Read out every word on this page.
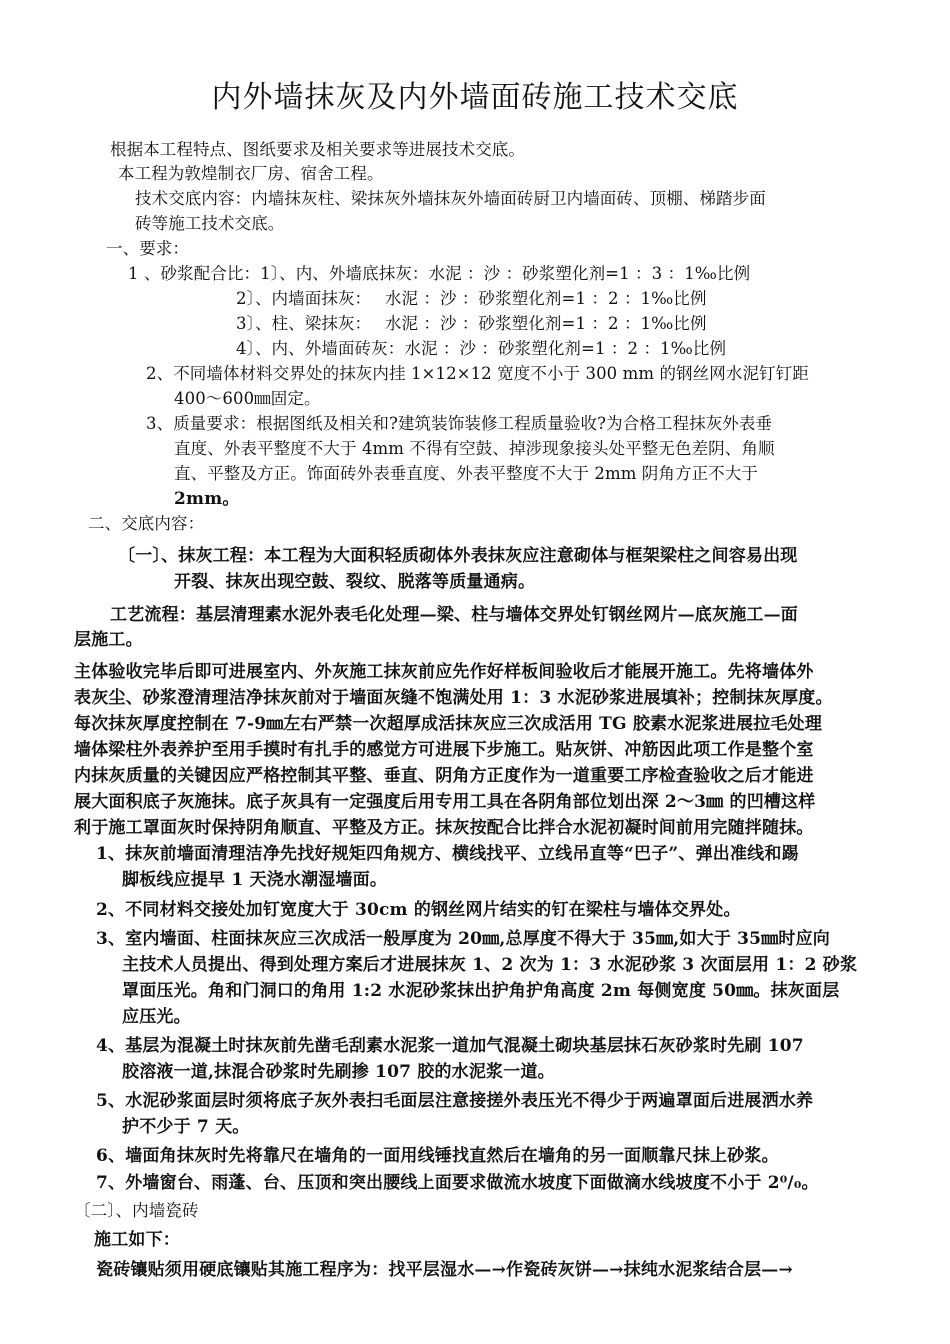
内外墙抹灰及内外墙面砖施工技术交底
根据本工程特点、图纸要求及相关要求等进展技术交底。
本工程为敦煌制衣厂房、宿舍工程。
技术交底内容：内墙抹灰柱、梁抹灰外墙抹灰外墙面砖厨卫内墙面砖、顶棚、梯踏步面
砖等施工技术交底。
一、要求：
1 、砂浆配合比：1〕、内、外墙底抹灰：水泥 ：沙 ：砂浆塑化剂=1 ：3 ：1‰比例
2〕、内墙面抹灰：　 水泥 ：沙 ：砂浆塑化剂=1 ：2 ：1‰比例
3〕、柱、梁抹灰：　 水泥 ：沙 ：砂浆塑化剂=1 ：2 ：1‰比例
4〕、内、外墙面砖灰：水泥 ：沙 ：砂浆塑化剂=1 ：2 ：1‰比例
2、不同墙体材料交界处的抹灰内挂 1×12×12 宽度不小于 300 mm 的钢丝网水泥钉钉距
400～600㎜固定。
3、质量要求：根据图纸及相关和?建筑装饰装修工程质量验收?为合格工程抹灰外表垂
直度、外表平整度不大于 4mm 不得有空鼓、掉涉现象接头处平整无色差阴、角顺
直、平整及方正。饰面砖外表垂直度、外表平整度不大于 2mm 阴角方正不大于
2mm。
二、交底内容：
〔一〕、抹灰工程：本工程为大面积轻质砌体外表抹灰应注意砌体与框架梁柱之间容易出现
开裂、抹灰出现空鼓、裂纹、脱落等质量通病。
工艺流程：基层清理素水泥外表毛化处理—梁、柱与墙体交界处钉钢丝网片—底灰施工—面
层施工。
主体验收完毕后即可进展室内、外灰施工抹灰前应先作好样板间验收后才能展开施工。先将墙体外
表灰尘、砂浆澄清理洁净抹灰前对于墙面灰缝不饱满处用 1：3 水泥砂浆进展填补；控制抹灰厚度。
每次抹灰厚度控制在 7-9㎜左右严禁一次超厚成活抹灰应三次成活用 TG 胶素水泥浆进展拉毛处理
墙体梁柱外表养护至用手摸时有扎手的感觉方可进展下步施工。贴灰饼、冲筋因此项工作是整个室
内抹灰质量的关键因应严格控制其平整、垂直、阴角方正度作为一道重要工序检查验收之后才能进
展大面积底子灰施抹。底子灰具有一定强度后用专用工具在各阴角部位划出深 2～3㎜ 的凹槽这样
利于施工罩面灰时保持阴角顺直、平整及方正。抹灰按配合比拌合水泥初凝时间前用完随拌随抹。
1、抹灰前墙面清理洁净先找好规矩四角规方、横线找平、立线吊直等“巴子”、弹出准线和踢
脚板线应提早 1 天浇水潮湿墙面。
2、不同材料交接处加钉宽度大于 30cm 的钢丝网片结实的钉在梁柱与墙体交界处。
3、室内墙面、柱面抹灰应三次成活一般厚度为 20㎜,总厚度不得大于 35㎜,如大于 35㎜时应向
主技术人员提出、得到处理方案后才进展抹灰 1、2 次为 1：3 水泥砂浆 3 次面层用 1：2 砂浆
罩面压光。角和门洞口的角用 1:2 水泥砂浆抹出护角护角高度 2m 每侧宽度 50㎜。抹灰面层
应压光。
4、基层为混凝土时抹灰前先凿毛刮素水泥浆一道加气混凝土砌块基层抹石灰砂浆时先刷 107
胶溶液一道,抹混合砂浆时先刷掺 107 胶的水泥浆一道。
5、水泥砂浆面层时须将底子灰外表扫毛面层注意接搓外表压光不得少于两遍罩面后进展洒水养
护不少于 7 天。
6、墙面角抹灰时先将靠尺在墙角的一面用线锤找直然后在墙角的另一面顺靠尺抹上砂浆。
7、外墙窗台、雨蓬、台、压顶和突出腰线上面要求做流水坡度下面做滴水线坡度不小于 2⁰/₀。
〔二〕、内墙瓷砖
施工如下：
瓷砖镶贴须用硬底镶贴其施工程序为：找平层湿水—→作瓷砖灰饼—→抹纯水泥浆结合层—→
